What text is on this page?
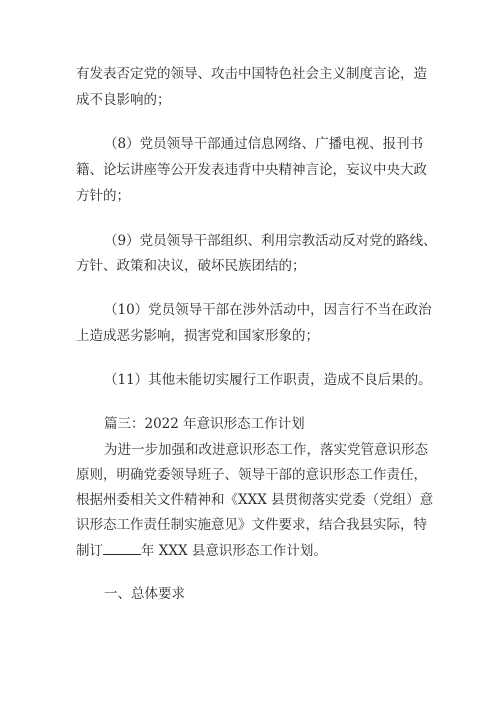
有发表否定党的领导、攻击中国特色社会主义制度言论，造
成不良影响的；
（8）党员领导干部通过信息网络、广播电视、报刊书
籍、论坛讲座等公开发表违背中央精神言论，妄议中央大政
方针的；
（9）党员领导干部组织、利用宗教活动反对党的路线、
方针、政策和决议，破坏民族团结的；
（10）党员领导干部在涉外活动中，因言行不当在政治
上造成恶劣影响，损害党和国家形象的；
（11）其他未能切实履行工作职责，造成不良后果的。
篇三：2022 年意识形态工作计划
为进一步加强和改进意识形态工作，落实党管意识形态
原则，明确党委领导班子、领导干部的意识形态工作责任，
根据州委相关文件精神和《XXX 县贯彻落实党委（党组）意
识形态工作责任制实施意见》文件要求，结合我县实际，特
制订	年 XXX 县意识形态工作计划。
一、总体要求
